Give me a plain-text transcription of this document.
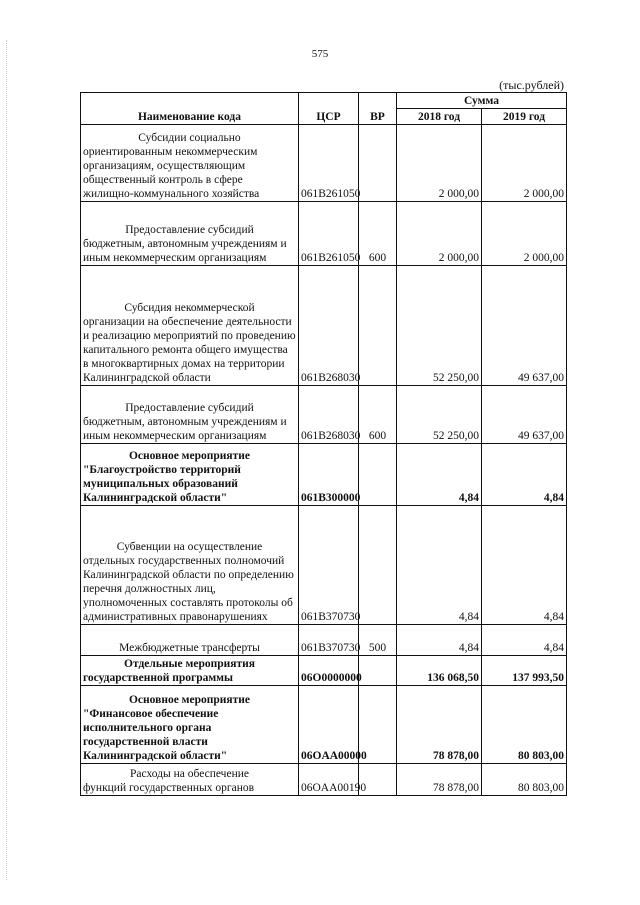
575
(тыс.рублей)
Наименование кода	ЦСР	ВР	Сумма	
			2018 год	2019 год

Субсидии социально
ориентированным некоммерческим организациям, осуществляющим общественный контроль в сфере жилищно-коммунального хозяйства	061B261050		2 000,00	2 000,00

Предоставление субсидий
бюджетным, автономным учреждениям и иным некоммерческим организациям	061B261050	600	2 000,00	2 000,00

Субсидия некоммерческой
организации на обеспечение деятельности и реализацию мероприятий по проведению капитального ремонта общего имущества в многоквартирных домах на территории Калининградской области	061B268030		52 250,00	49 637,00

Предоставление субсидий
бюджетным, автономным учреждениям и иным некоммерческим организациям	061B268030	600	52 250,00	49 637,00

Основное мероприятие
"Благоустройство территорий муниципальных образований Калининградской области"	061B300000		4,84	4,84

Субвенции на осуществление
отдельных государственных полномочий Калининградской области по определению перечня должностных лиц, уполномоченных составлять протоколы об административных правонарушениях	061B370730		4,84	4,84

Межбюджетные трансферты	061B370730	500	4,84	4,84

Отдельные мероприятия
государственной программы	06O0000000		136 068,50	137 993,50

Основное мероприятие
"Финансовое обеспечение исполнительного органа государственной власти Калининградской области"	06OAA00000		78 878,00	80 803,00

Расходы на обеспечение
функций государственных органов	06OAA00190		78 878,00	80 803,00
